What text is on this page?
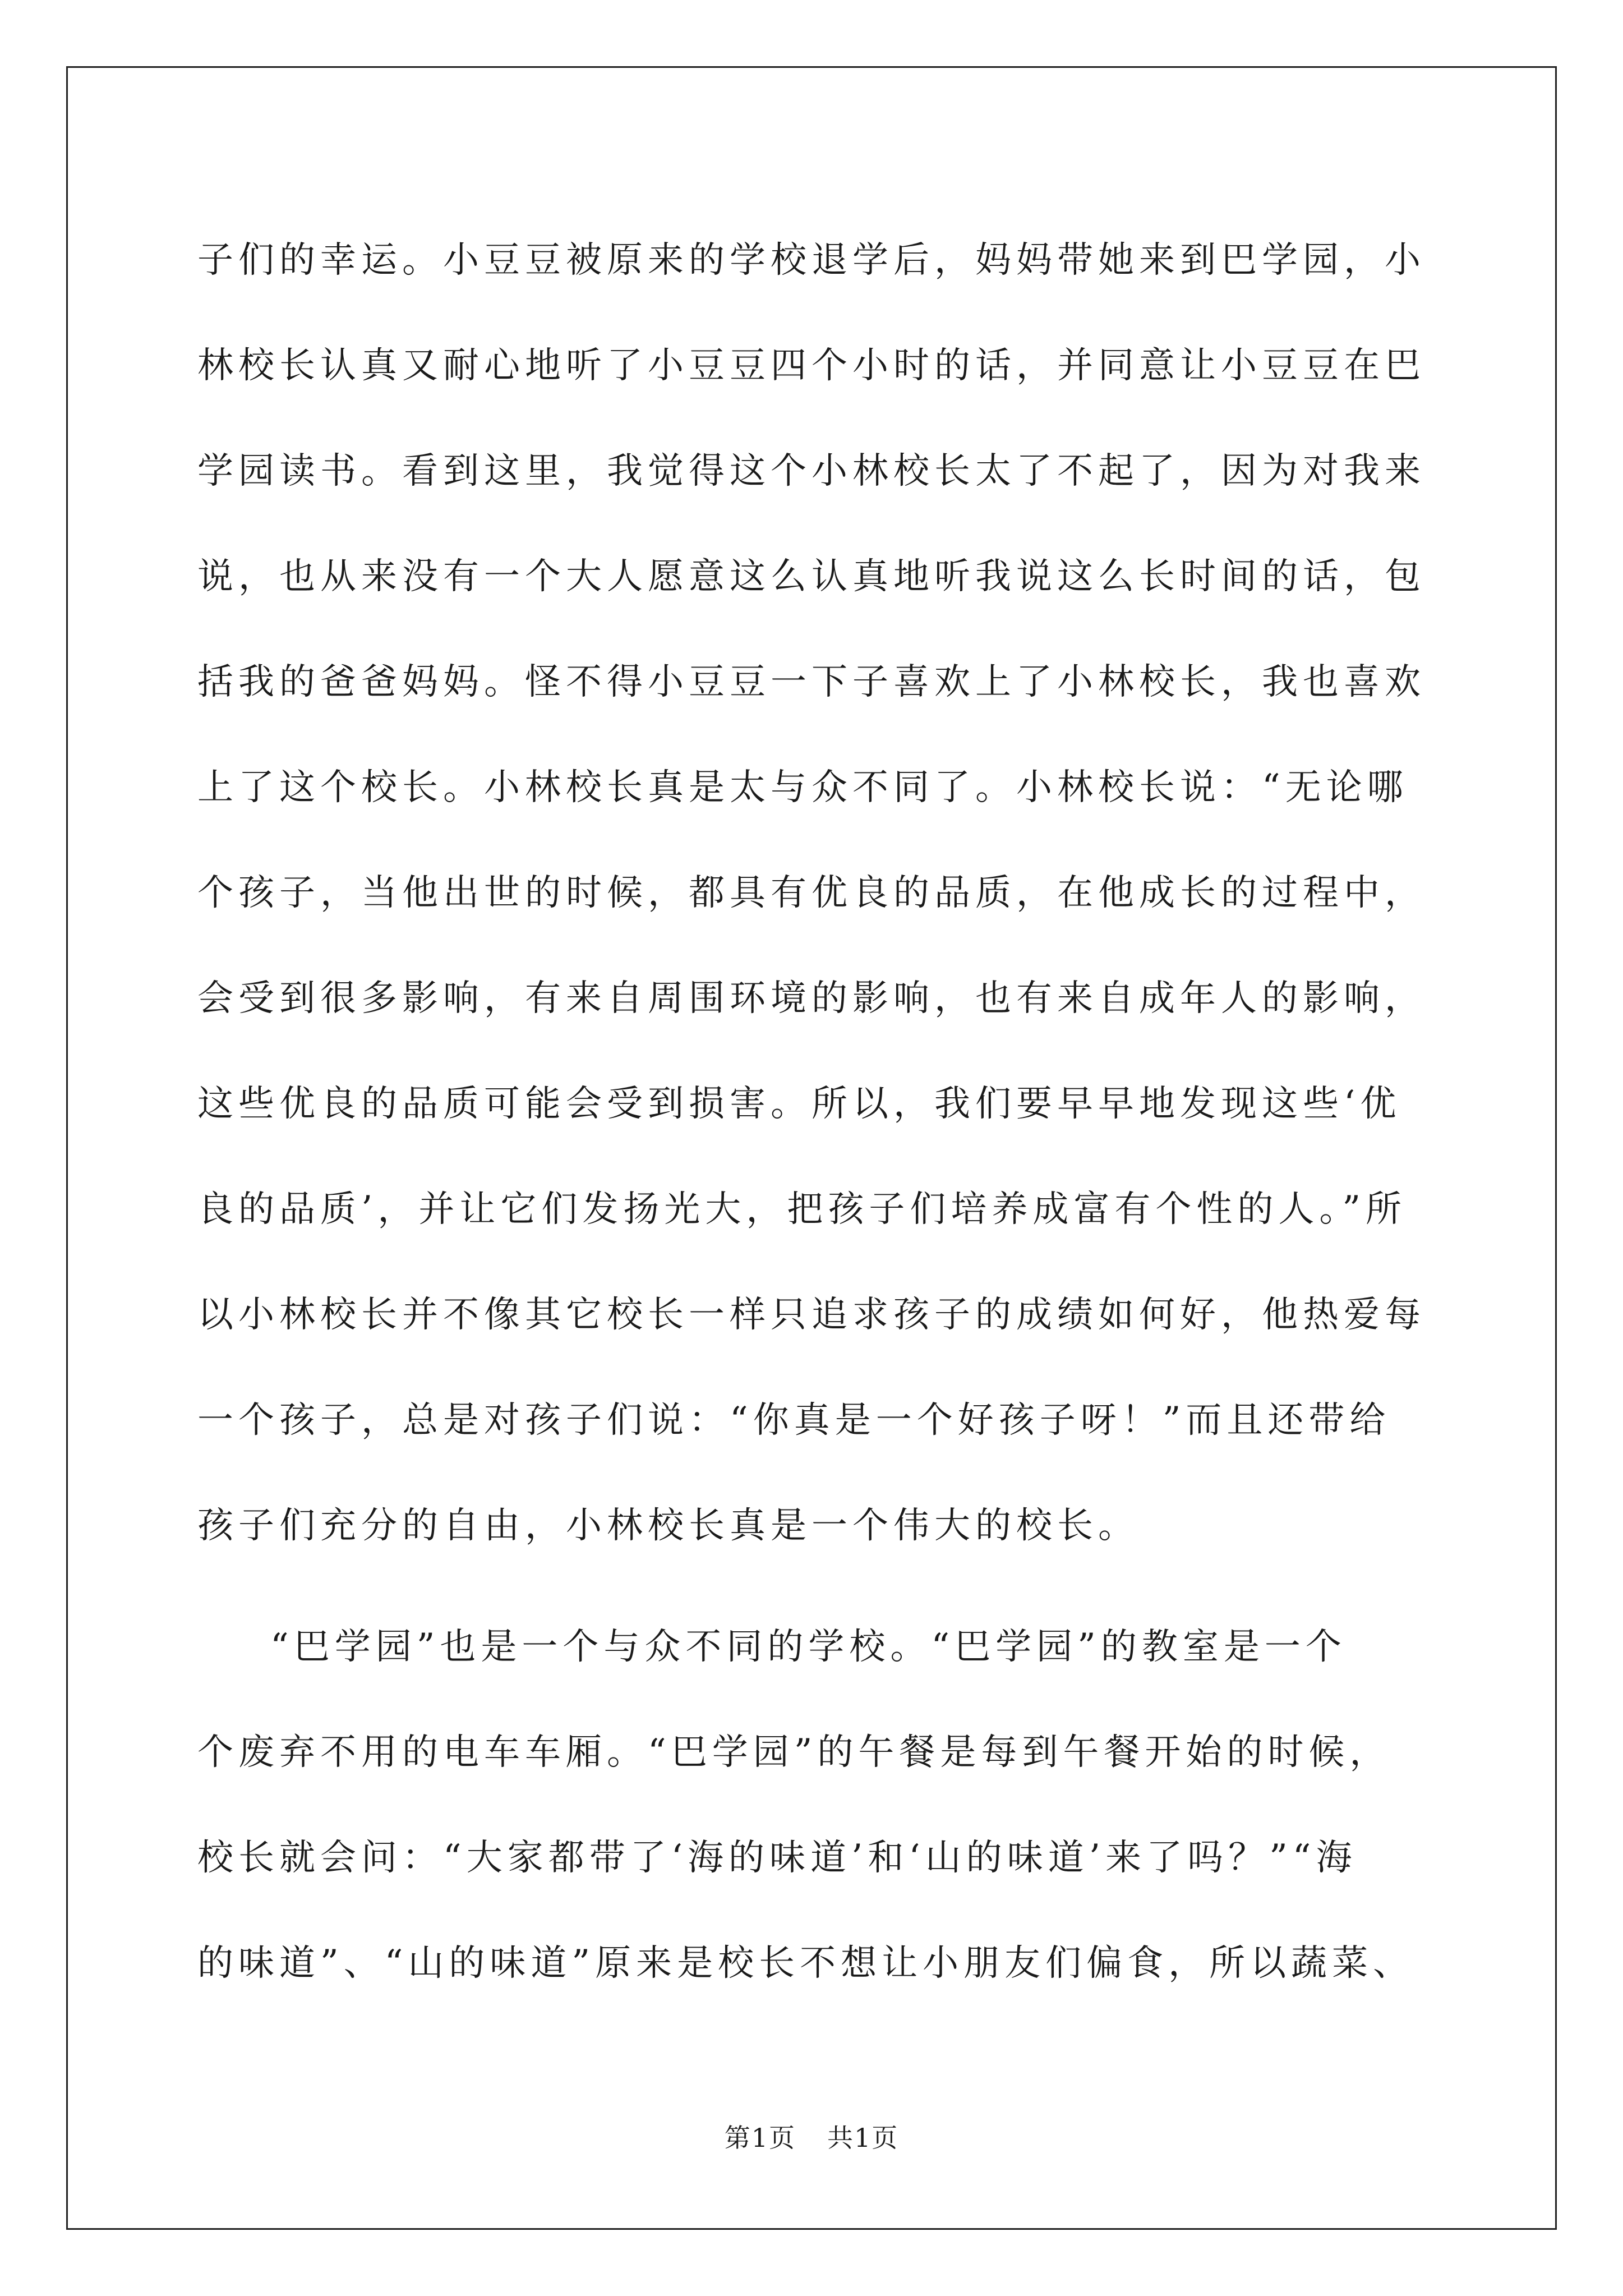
子们的幸运。小豆豆被原来的学校退学后，妈妈带她来到巴学园，小
林校长认真又耐心地听了小豆豆四个小时的话，并同意让小豆豆在巴
学园读书。看到这里，我觉得这个小林校长太了不起了，因为对我来
说，也从来没有一个大人愿意这么认真地听我说这么长时间的话，包
括我的爸爸妈妈。怪不得小豆豆一下子喜欢上了小林校长，我也喜欢
上了这个校长。小林校长真是太与众不同了。小林校长说：“无论哪
个孩子，当他出世的时候，都具有优良的品质，在他成长的过程中，
会受到很多影响，有来自周围环境的影响，也有来自成年人的影响，
这些优良的品质可能会受到损害。所以，我们要早早地发现这些‘优
良的品质’，并让它们发扬光大，把孩子们培养成富有个性的人。”所
以小林校长并不像其它校长一样只追求孩子的成绩如何好，他热爱每
一个孩子，总是对孩子们说：“你真是一个好孩子呀！”而且还带给
孩子们充分的自由，小林校长真是一个伟大的校长。
“巴学园”也是一个与众不同的学校。“巴学园”的教室是一个
个废弃不用的电车车厢。“巴学园”的午餐是每到午餐开始的时候，
校长就会问：“大家都带了‘海的味道’和‘山的味道’来了吗？”“海
的味道”、“山的味道”原来是校长不想让小朋友们偏食，所以蔬菜、
第1页 共1页
